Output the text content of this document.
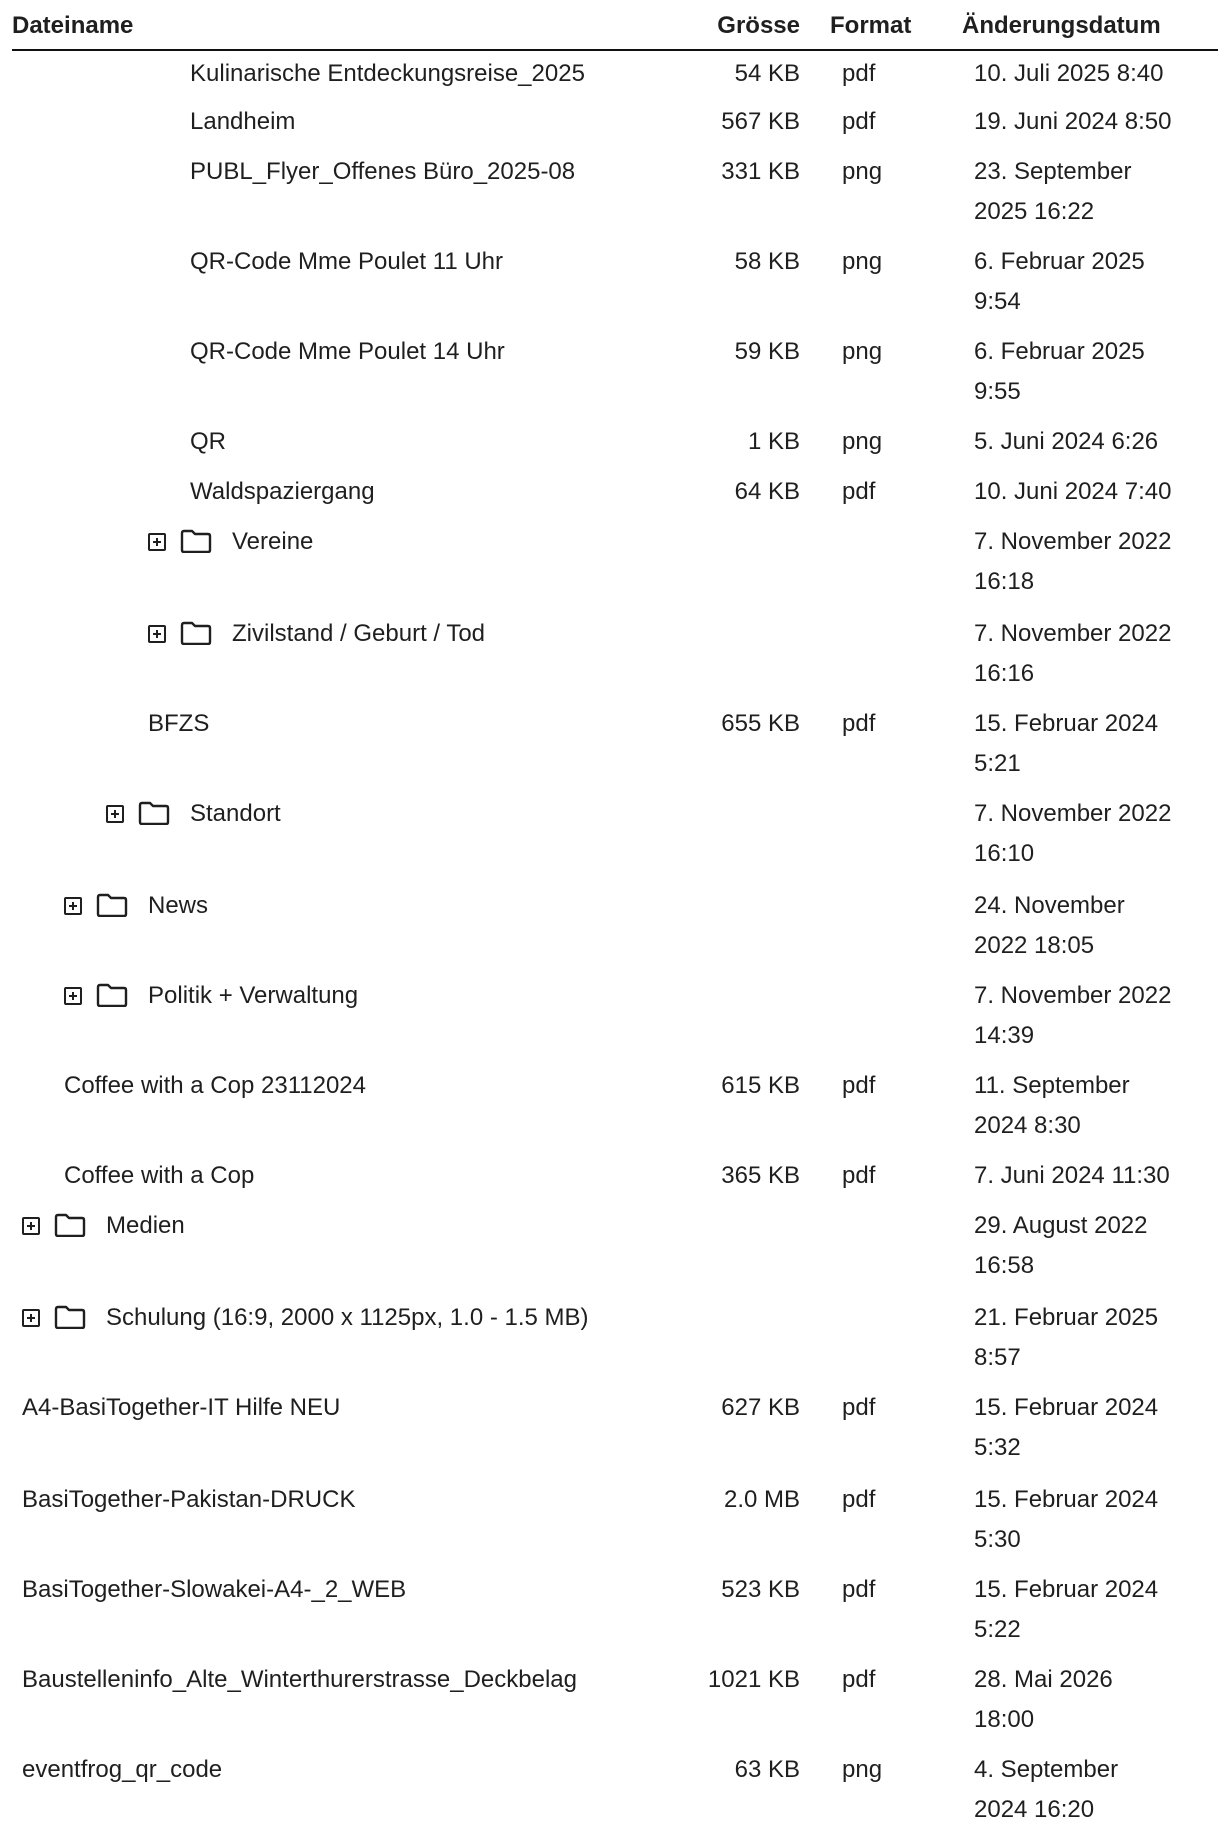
Dateiname	Grösse Format Änderungsdatum
Kulinarische Entdeckungsreise_2025	54 KB pdf	10. Juli 2025 8:40
Landheim	567 KB pdf	19. Juni 2024 8:50
PUBL_Flyer_Offenes Büro_2025-08	331 KB png	23. September 2025 16:22
QR-Code Mme Poulet 11 Uhr	58 KB png	6. Februar 2025 9:54
QR-Code Mme Poulet 14 Uhr	59 KB png	6. Februar 2025 9:55
QR	1 KB png	5. Juni 2024 6:26
Waldspaziergang	64 KB pdf	10. Juni 2024 7:40
Vereine	7. November 2022 16:18
Zivilstand / Geburt / Tod	7. November 2022 16:16
BFZS	655 KB pdf	15. Februar 2024 5:21
Standort	7. November 2022 16:10
News	24. November 2022 18:05
Politik + Verwaltung	7. November 2022 14:39
Coffee with a Cop 23112024	615 KB pdf	11. September 2024 8:30
Coffee with a Cop	365 KB pdf	7. Juni 2024 11:30
Medien	29. August 2022 16:58
Schulung (16:9, 2000 x 1125px, 1.0 - 1.5 MB)	21. Februar 2025 8:57
A4-BasiTogether-IT Hilfe NEU	627 KB pdf	15. Februar 2024 5:32
BasiTogether-Pakistan-DRUCK	2.0 MB pdf	15. Februar 2024 5:30
BasiTogether-Slowakei-A4-_2_WEB	523 KB pdf	15. Februar 2024 5:22
Baustelleninfo_Alte_Winterthurerstrasse_Deckbelag	1021 KB pdf	28. Mai 2026 18:00
eventfrog_qr_code	63 KB png	4. September 2024 16:20
